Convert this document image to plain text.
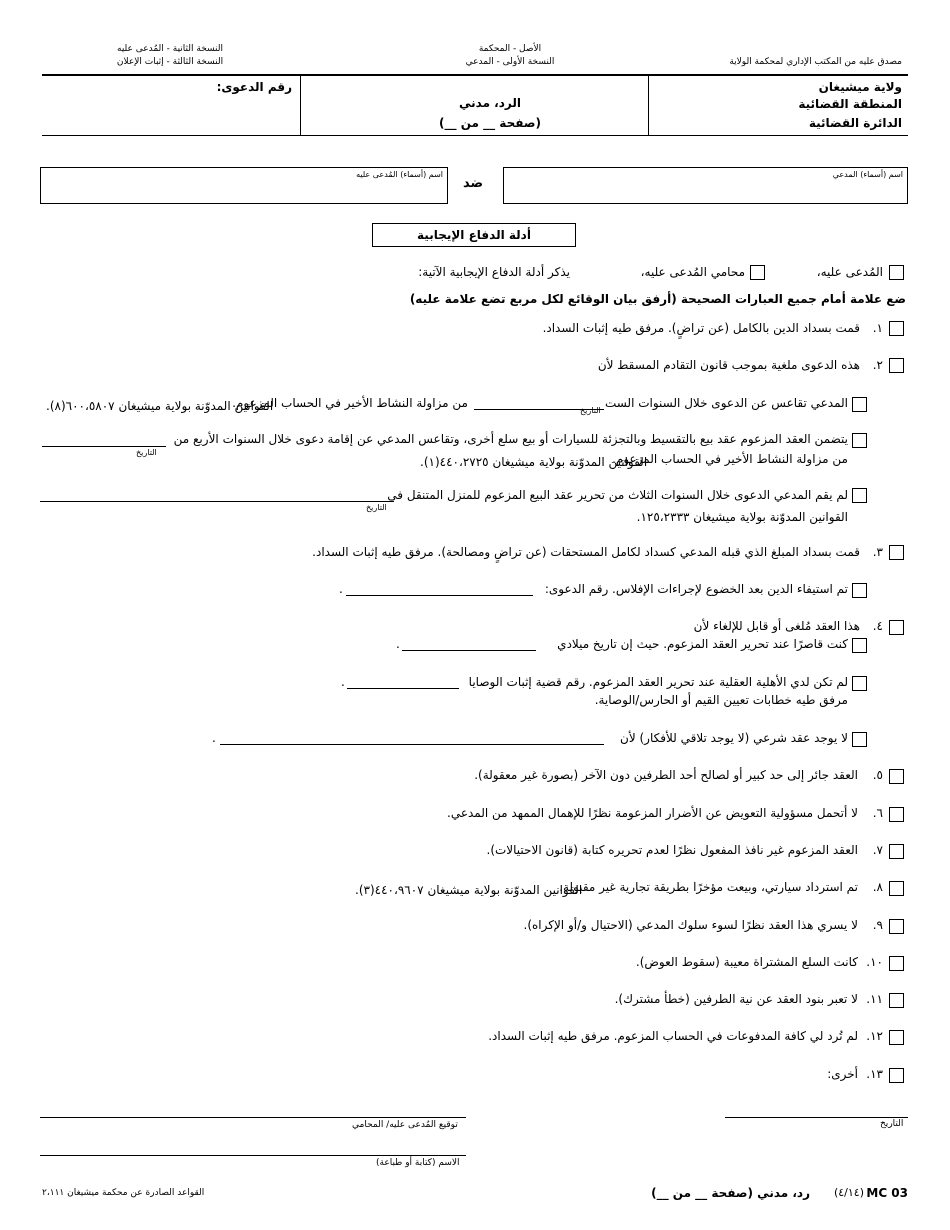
مصدق عليه من المكتب الإداري لمحكمة الولاية
الأصل - المحكمة
النسخة الأولى - المدعي
النسخة الثانية - المُدعى عليه
النسخة الثالثة - إثبات الإعلان
ولاية ميشيغان
المنطقة القضائية
الدائرة القضائية
الرد، مدني
(صفحة __ من __)
رقم الدعوى:
اسم (أسماء) المدعي
ضد
اسم (أسماء) المُدعى عليه
أدلة الدفاع الإيجابية
المُدعى عليه،
محامي المُدعى عليه،
يذكر أدلة الدفاع الإيجابية الآتية:
ضع علامة أمام جميع العبارات الصحيحة (أرفق بيان الوقائع لكل مربع تضع علامة عليه)
١.
قمت بسداد الدين بالكامل (عن تراضٍ). مرفق طيه إثبات السداد.
٢.
هذه الدعوى ملغية بموجب قانون التقادم المسقط لأن
المدعي تقاعس عن الدعوى خلال السنوات الست
التاريخ
من مزاولة النشاط الأخير في الحساب المزعوم.
القوانين المدوّنة بولاية ميشيغان ٦٠٠،٥٨٠٧(٨).
يتضمن العقد المزعوم عقد بيع بالتقسيط وبالتجزئة للسيارات أو بيع سلع أخرى، وتقاعس المدعي عن إقامة دعوى خلال السنوات الأربع من
التاريخ	من مزاولة النشاط الأخير في الحساب المزعوم.
القوانين المدوّنة بولاية ميشيغان ٤٤٠،٢٧٢٥(١).
لم يقم المدعي الدعوى خلال السنوات الثلاث من تحرير عقد البيع المزعوم للمنزل المتنقل في
التاريخ
القوانين المدوّنة بولاية ميشيغان ١٢٥،٢٣٣٣.
٣.
قمت بسداد المبلغ الذي قبله المدعي كسداد لكامل المستحقات (عن تراضٍ ومصالحة). مرفق طيه إثبات السداد.
تم استيفاء الدين بعد الخضوع لإجراءات الإفلاس. رقم الدعوى:
.
٤.
هذا العقد مُلغى أو قابل للإلغاء لأن
كنت قاصرًا عند تحرير العقد المزعوم. حيث إن تاريخ ميلادي
.
لم تكن لدي الأهلية العقلية عند تحرير العقد المزعوم. رقم قضية إثبات الوصايا
.
مرفق طيه خطابات تعيين القيم أو الحارس/الوصاية.
لا يوجد عقد شرعي (لا يوجد تلاقي للأفكار) لأن
.
٥.
العقد جائر إلى حد كبير أو لصالح أحد الطرفين دون الآخر (بصورة غير معقولة).
٦.
لا أتحمل مسؤولية التعويض عن الأضرار المزعومة نظرًا للإهمال الممهد من المدعي.
٧.
العقد المزعوم غير نافذ المفعول نظرًا لعدم تحريره كتابة (قانون الاحتيالات).
٨.
تم استرداد سيارتي، وبيعت مؤخرًا بطريقة تجارية غير مقبولة.
القوانين المدوّنة بولاية ميشيغان ٤٤٠،٩٦٠٧(٣).
٩.
لا يسري هذا العقد نظرًا لسوء سلوك المدعي (الاحتيال و/أو الإكراه).
١٠.
كانت السلع المشتراة معيبة (سقوط العوض).
١١.
لا تعبر بنود العقد عن نية الطرفين (خطأ مشترك).
١٢.
لم تُرد لي كافة المدفوعات في الحساب المزعوم. مرفق طيه إثبات السداد.
١٣.
أخرى:
التاريخ
توقيع المُدعى عليه/ المحامي
الاسم (كتابة أو طباعة)
MC 03
(٤/١٤)
رد، مدني (صفحة __ من __)
القواعد الصادرة عن محكمة ميشيغان ٢،١١١
